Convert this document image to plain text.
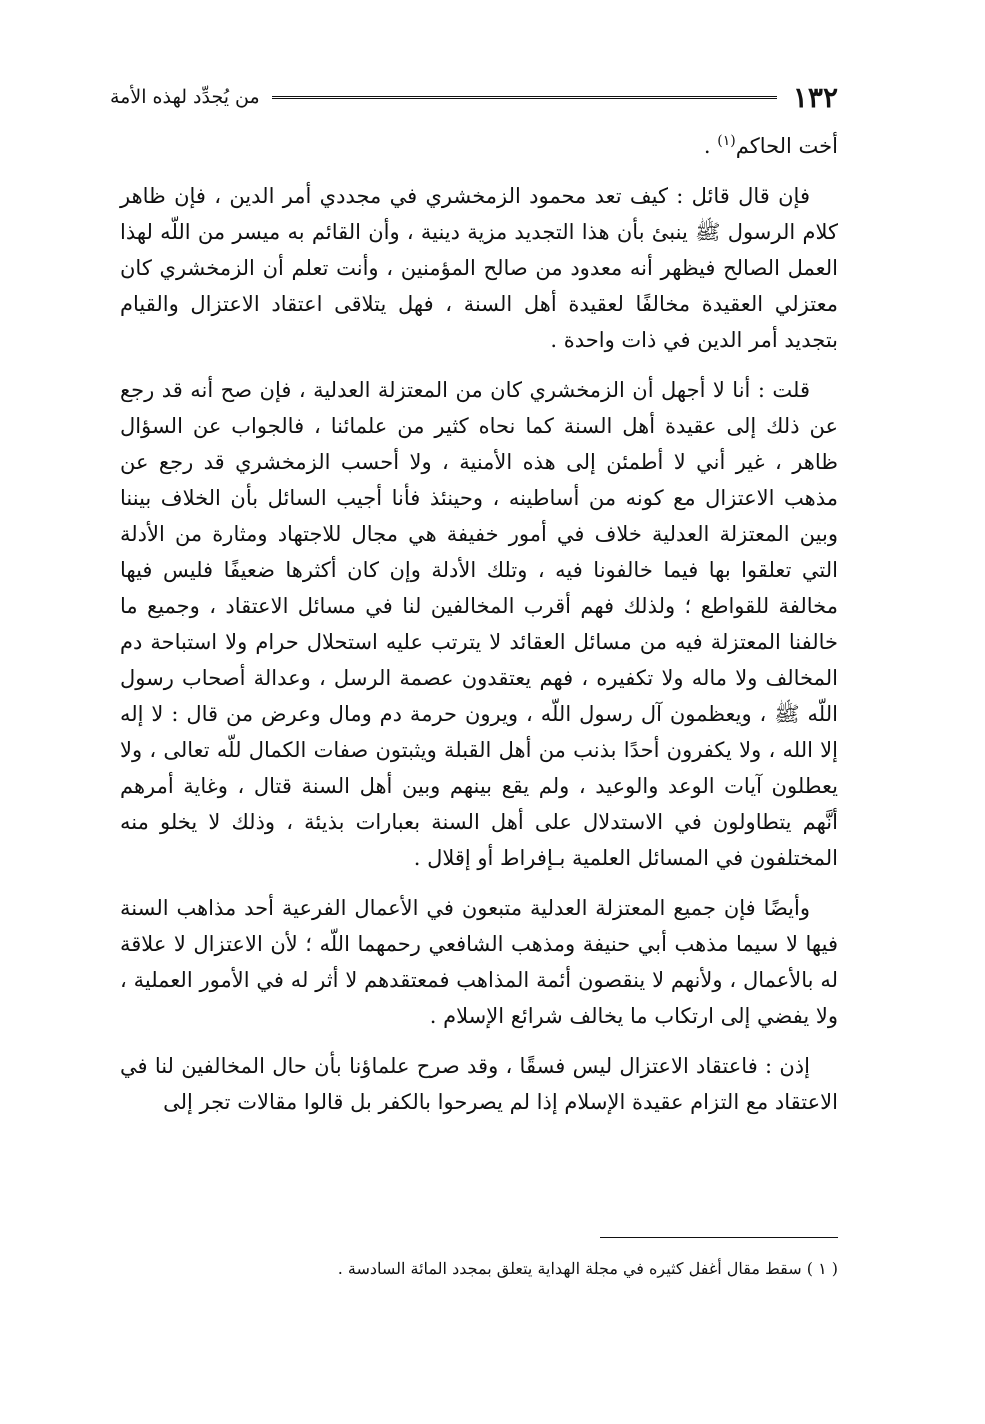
١٣٢
من يُجدِّد لهذه الأمة

أخت الحاكم$^{(١)}$ .

فإن قال قائل : كيف تعد محمود الزمخشري في مجددي أمر الدين ، فإن ظاهر كلام الرسول ﷺ ينبئ بأن هذا التجديد مزية دينية ، وأن القائم به ميسر من اللّه لهذا العمل الصالح فيظهر أنه معدود من صالح المؤمنين ، وأنت تعلم أن الزمخشري كان معتزلي العقيدة مخالفًا لعقيدة أهل السنة ، فهل يتلاقى اعتقاد الاعتزال والقيام بتجديد أمر الدين في ذات واحدة .

قلت : أنا لا أجهل أن الزمخشري كان من المعتزلة العدلية ، فإن صح أنه قد رجع عن ذلك إلى عقيدة أهل السنة كما نحاه كثير من علمائنا ، فالجواب عن السؤال ظاهر ، غير أني لا أطمئن إلى هذه الأمنية ، ولا أحسب الزمخشري قد رجع عن مذهب الاعتزال مع كونه من أساطينه ، وحينئذ فأنا أجيب السائل بأن الخلاف بيننا وبين المعتزلة العدلية خلاف في أمور خفيفة هي مجال للاجتهاد ومثارة من الأدلة التي تعلقوا بها فيما خالفونا فيه ، وتلك الأدلة وإن كان أكثرها ضعيفًا فليس فيها مخالفة للقواطع ؛ ولذلك فهم أقرب المخالفين لنا في مسائل الاعتقاد ، وجميع ما خالفنا المعتزلة فيه من مسائل العقائد لا يترتب عليه استحلال حرام ولا استباحة دم المخالف ولا ماله ولا تكفيره ، فهم يعتقدون عصمة الرسل ، وعدالة أصحاب رسول اللّه ﷺ ، ويعظمون آل رسول اللّه ، ويرون حرمة دم ومال وعرض من قال : لا إله إلا الله ، ولا يكفرون أحدًا بذنب من أهل القبلة ويثبتون صفات الكمال للّه تعالى ، ولا يعطلون آيات الوعد والوعيد ، ولم يقع بينهم وبين أهل السنة قتال ، وغاية أمرهم أنَّهم يتطاولون في الاستدلال على أهل السنة بعبارات بذيئة ، وذلك لا يخلو منه المختلفون في المسائل العلمية بـإفراط أو إقلال .

وأيضًا فإن جميع المعتزلة العدلية متبعون في الأعمال الفرعية أحد مذاهب السنة فيها لا سيما مذهب أبي حنيفة ومذهب الشافعي رحمهما اللّه ؛ لأن الاعتزال لا علاقة له بالأعمال ، ولأنهم لا ينقصون أئمة المذاهب فمعتقدهم لا أثر له في الأمور العملية ، ولا يفضي إلى ارتكاب ما يخالف شرائع الإسلام .

إذن : فاعتقاد الاعتزال ليس فسقًا ، وقد صرح علماؤنا بأن حال المخالفين لنا في الاعتقاد مع التزام عقيدة الإسلام إذا لم يصرحوا بالكفر بل قالوا مقالات تجر إلى

( ١ ) سقط مقال أغفل كثيره في مجلة الهداية يتعلق بمجدد المائة السادسة .
